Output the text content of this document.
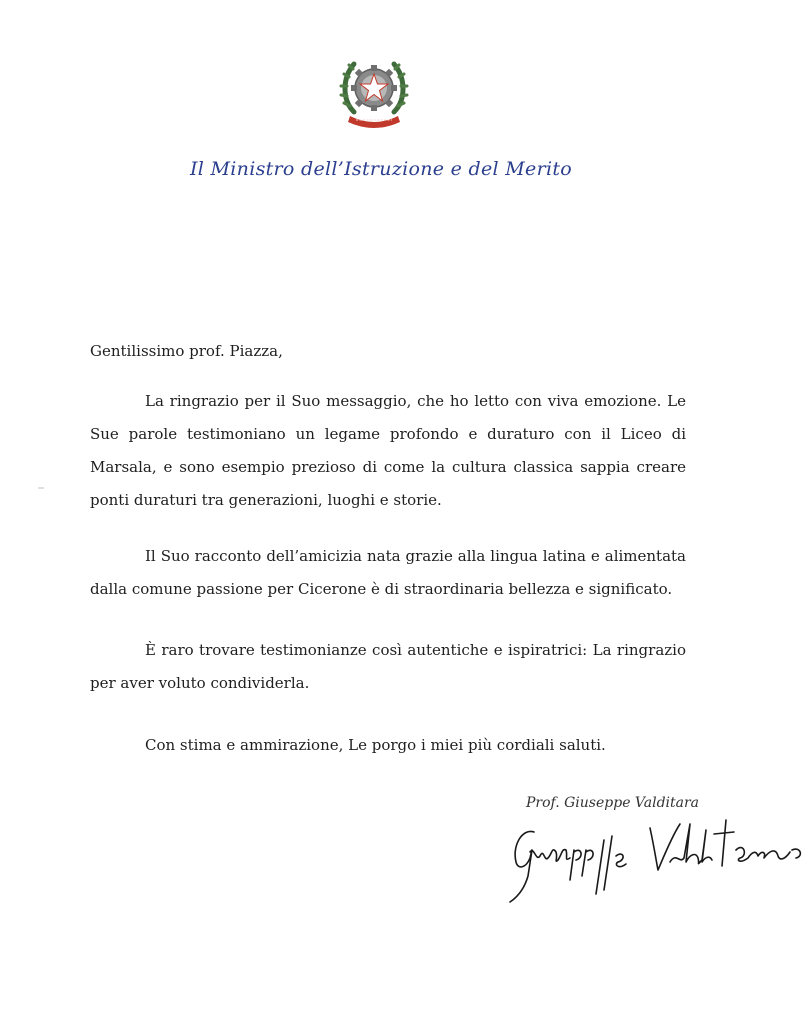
Il Ministro dell’Istruzione e del Merito
Gentilissimo prof. Piazza,

La ringrazio per il Suo messaggio, che ho letto con viva emozione. Le Sue parole testimoniano un legame profondo e duraturo con il Liceo di Marsala, e sono esempio prezioso di come la cultura classica sappia creare ponti duraturi tra generazioni, luoghi e storie.

Il Suo racconto dell’amicizia nata grazie alla lingua latina e alimentata dalla comune passione per Cicerone è di straordinaria bellezza e significato.

È raro trovare testimonianze così autentiche e ispiratrici: La ringrazio per aver voluto condividerla.

Con stima e ammirazione, Le porgo i miei più cordiali saluti.

Prof. Giuseppe Valditara
